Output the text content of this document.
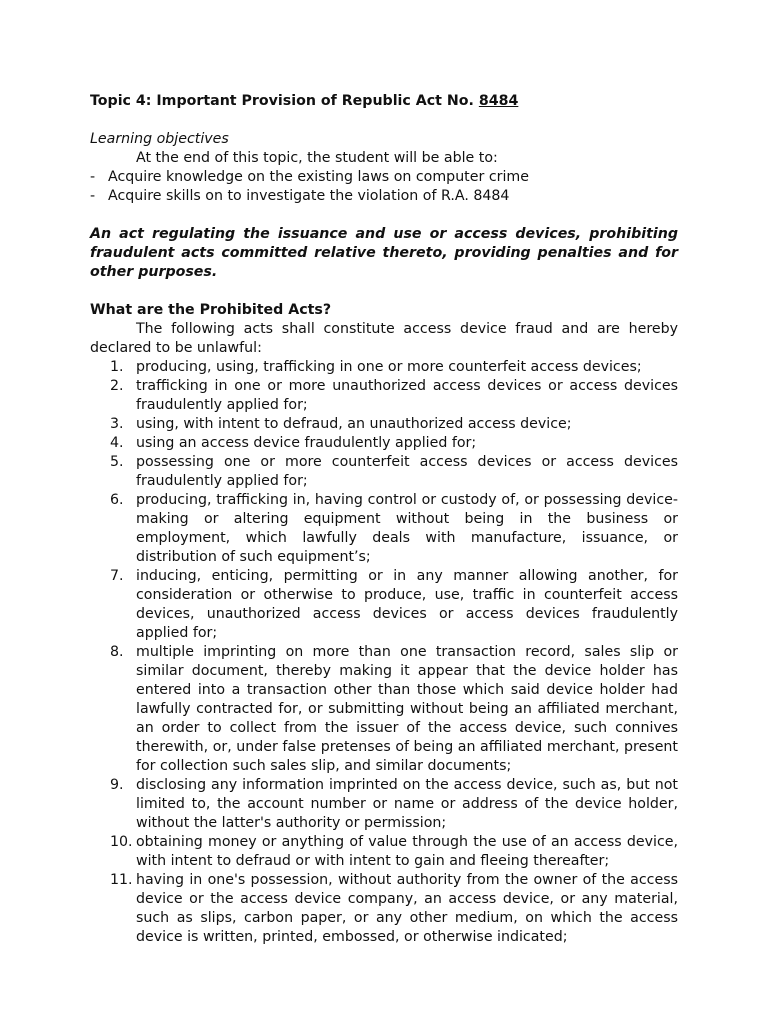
Topic 4: Important Provision of Republic Act No. 8484

Learning objectives

At the end of this topic, the student will be able to:

- Acquire knowledge on the existing laws on computer crime
- Acquire skills on to investigate the violation of R.A. 8484

An act regulating the issuance and use or access devices, prohibiting fraudulent acts committed relative thereto, providing penalties and for other purposes.

What are the Prohibited Acts?

The following acts shall constitute access device fraud and are hereby declared to be unlawful:

1. producing, using, trafficking in one or more counterfeit access devices;
2. trafficking in one or more unauthorized access devices or access devices fraudulently applied for;
3. using, with intent to defraud, an unauthorized access device;
4. using an access device fraudulently applied for;
5. possessing one or more counterfeit access devices or access devices fraudulently applied for;
6. producing, trafficking in, having control or custody of, or possessing device-making or altering equipment without being in the business or employment, which lawfully deals with manufacture, issuance, or distribution of such equipment’s;
7. inducing, enticing, permitting or in any manner allowing another, for consideration or otherwise to produce, use, traffic in counterfeit access devices, unauthorized access devices or access devices fraudulently applied for;
8. multiple imprinting on more than one transaction record, sales slip or similar document, thereby making it appear that the device holder has entered into a transaction other than those which said device holder had lawfully contracted for, or submitting without being an affiliated merchant, an order to collect from the issuer of the access device, such connives therewith, or, under false pretenses of being an affiliated merchant, present for collection such sales slip, and similar documents;
9. disclosing any information imprinted on the access device, such as, but not limited to, the account number or name or address of the device holder, without the latter's authority or permission;
10. obtaining money or anything of value through the use of an access device, with intent to defraud or with intent to gain and fleeing thereafter;
11. having in one's possession, without authority from the owner of the access device or the access device company, an access device, or any material, such as slips, carbon paper, or any other medium, on which the access device is written, printed, embossed, or otherwise indicated;
